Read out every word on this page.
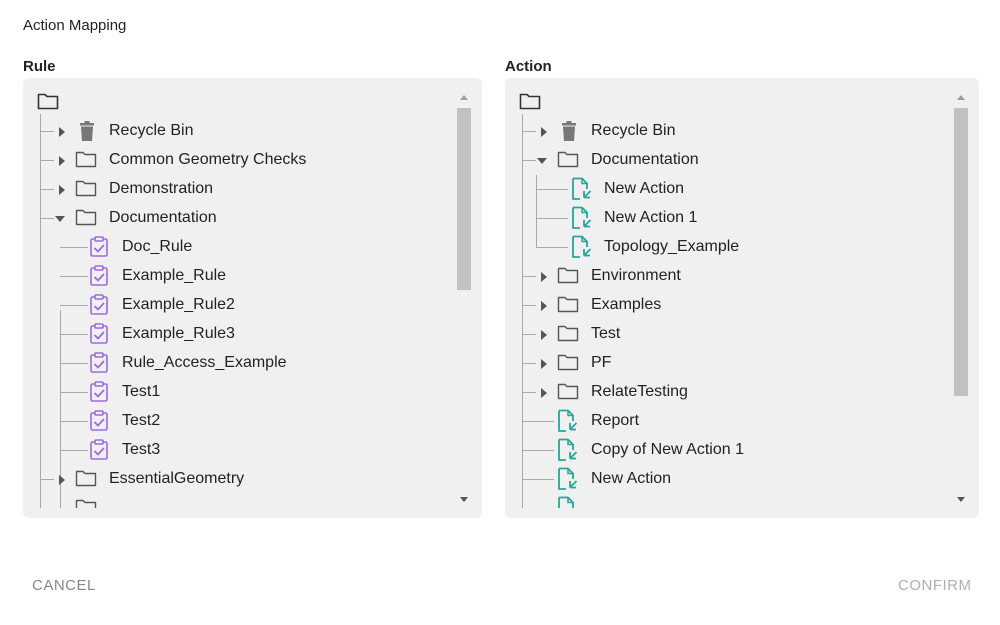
Action Mapping
Rule	Action
Recycle Bin
Common Geometry Checks
Demonstration
Documentation
Doc_Rule
Example_Rule
Example_Rule2
Example_Rule3
Rule_Access_Example
Test1
Test2
Test3
EssentialGeometry
Recycle Bin
Documentation
New Action
New Action 1
Topology_Example
Environment
Examples
Test
PF
RelateTesting
Report
Copy of New Action 1
New Action
CANCEL	CONFIRM
